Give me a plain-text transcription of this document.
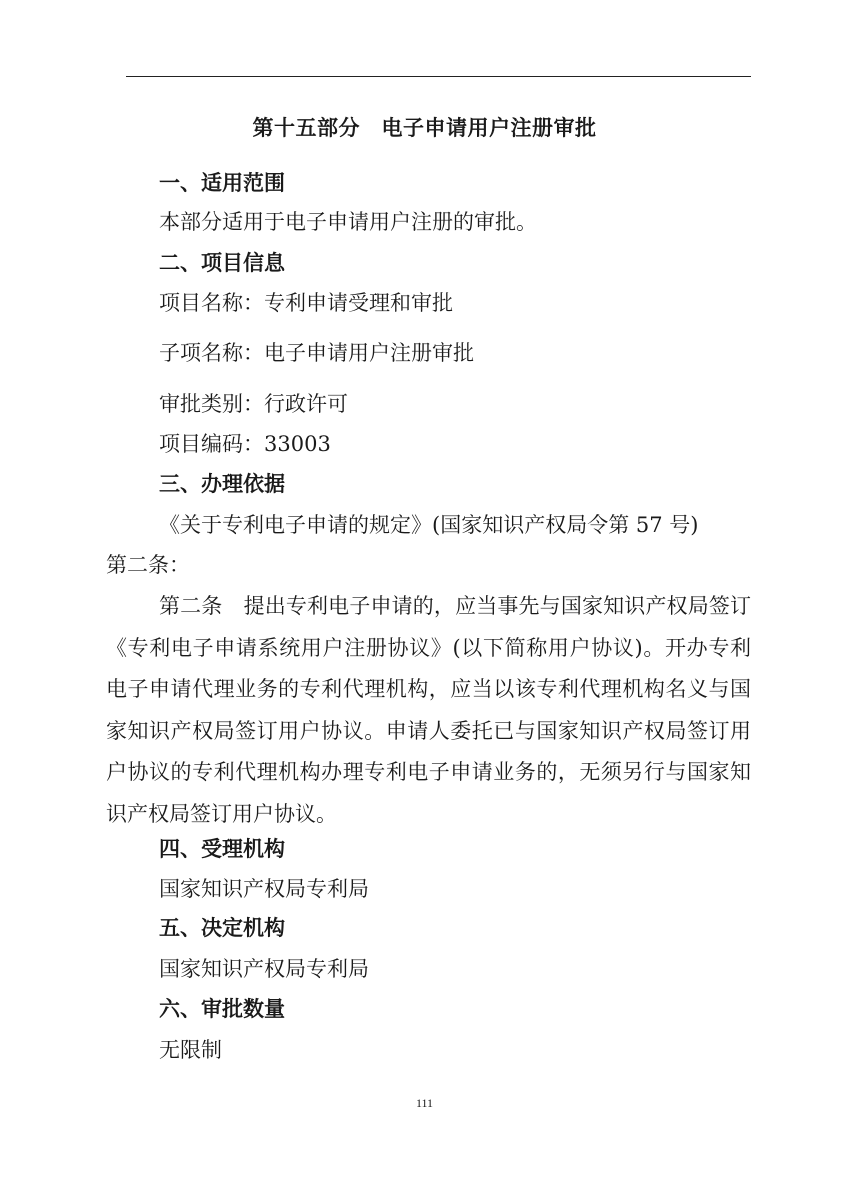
第十五部分　电子申请用户注册审批
一、适用范围
本部分适用于电子申请用户注册的审批。
二、项目信息
项目名称：专利申请受理和审批
子项名称：电子申请用户注册审批
审批类别：行政许可
项目编码：33003
三、办理依据
《关于专利电子申请的规定》(国家知识产权局令第 57 号)
第二条：
第二条　提出专利电子申请的，应当事先与国家知识产权局签订《专利电子申请系统用户注册协议》(以下简称用户协议)。开办专利电子申请代理业务的专利代理机构，应当以该专利代理机构名义与国家知识产权局签订用户协议。申请人委托已与国家知识产权局签订用户协议的专利代理机构办理专利电子申请业务的，无须另行与国家知识产权局签订用户协议。
四、受理机构
国家知识产权局专利局
五、决定机构
国家知识产权局专利局
六、审批数量
无限制
111
